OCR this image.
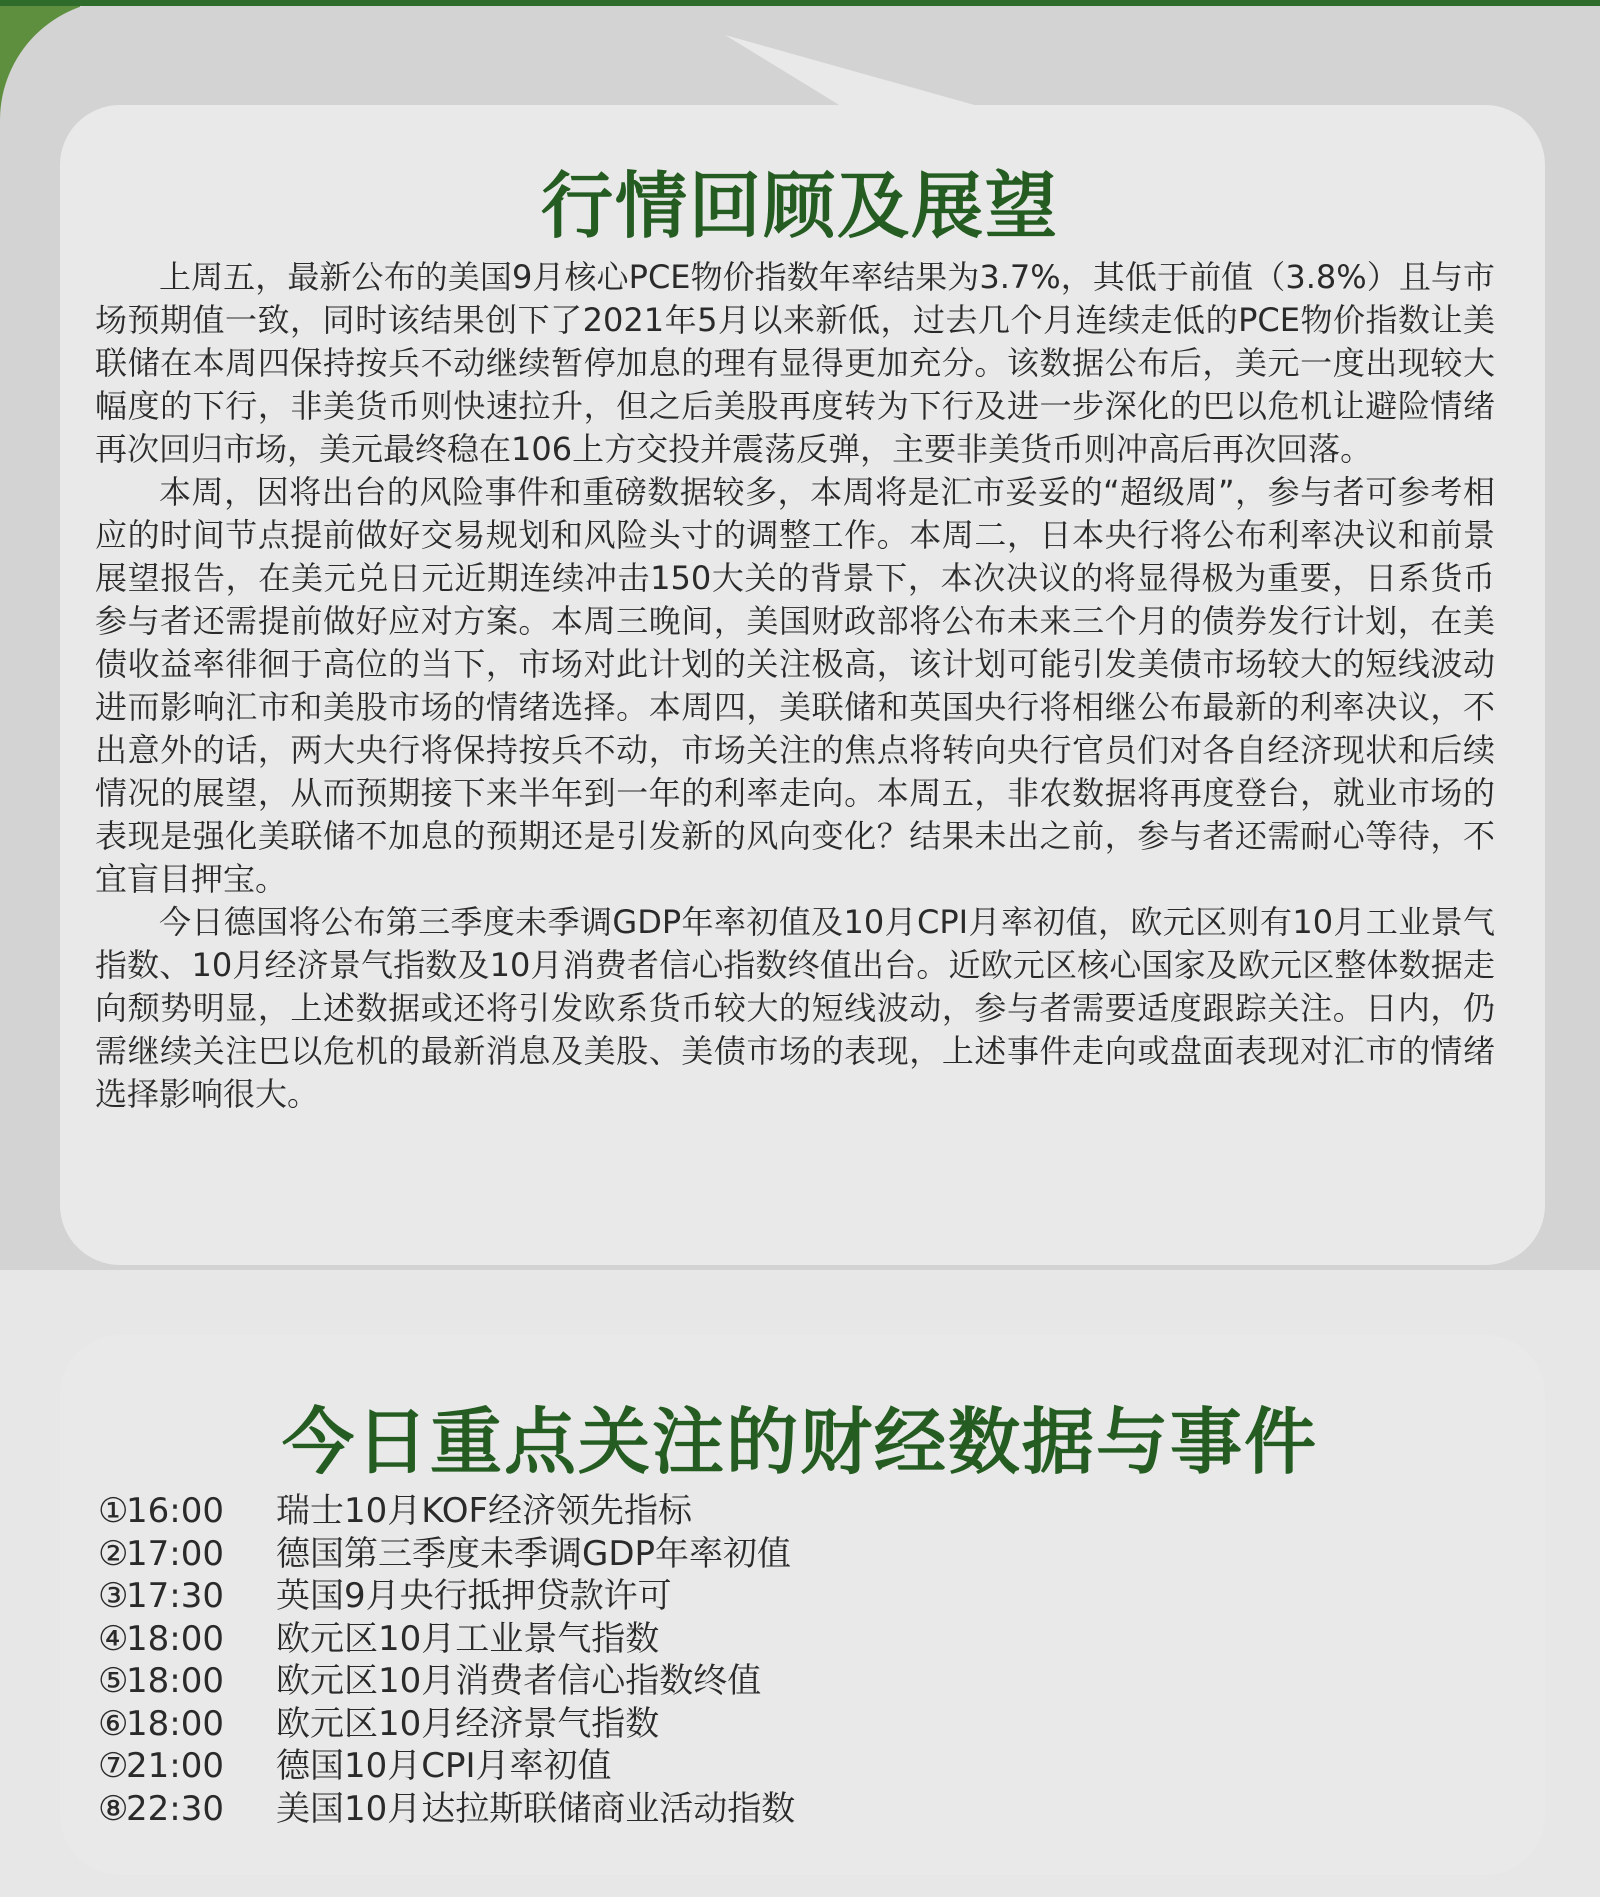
行情回顾及展望

上周五，最新公布的美国9月核心PCE物价指数年率结果为3.7%，其低于前值（3.8%）且与市场预期值一致，同时该结果创下了2021年5月以来新低，过去几个月连续走低的PCE物价指数让美联储在本周四保持按兵不动继续暂停加息的理有显得更加充分。该数据公布后，美元一度出现较大幅度的下行，非美货币则快速拉升，但之后美股再度转为下行及进一步深化的巴以危机让避险情绪再次回归市场，美元最终稳在106上方交投并震荡反弹，主要非美货币则冲高后再次回落。

本周，因将出台的风险事件和重磅数据较多，本周将是汇市妥妥的“超级周”，参与者可参考相应的时间节点提前做好交易规划和风险头寸的调整工作。本周二，日本央行将公布利率决议和前景展望报告，在美元兑日元近期连续冲击150大关的背景下，本次决议的将显得极为重要，日系货币参与者还需提前做好应对方案。本周三晚间，美国财政部将公布未来三个月的债券发行计划，在美债收益率徘徊于高位的当下，市场对此计划的关注极高，该计划可能引发美债市场较大的短线波动进而影响汇市和美股市场的情绪选择。本周四，美联储和英国央行将相继公布最新的利率决议，不出意外的话，两大央行将保持按兵不动，市场关注的焦点将转向央行官员们对各自经济现状和后续情况的展望，从而预期接下来半年到一年的利率走向。本周五，非农数据将再度登台，就业市场的表现是强化美联储不加息的预期还是引发新的风向变化？结果未出之前，参与者还需耐心等待，不宜盲目押宝。

今日德国将公布第三季度未季调GDP年率初值及10月CPI月率初值，欧元区则有10月工业景气指数、10月经济景气指数及10月消费者信心指数终值出台。近欧元区核心国家及欧元区整体数据走向颓势明显，上述数据或还将引发欧系货币较大的短线波动，参与者需要适度跟踪关注。日内，仍需继续关注巴以危机的最新消息及美股、美债市场的表现，上述事件走向或盘面表现对汇市的情绪选择影响很大。

今日重点关注的财经数据与事件
①16:00 瑞士10月KOF经济领先指标
②17:00 德国第三季度未季调GDP年率初值
③17:30 英国9月央行抵押贷款许可
④18:00 欧元区10月工业景气指数
⑤18:00 欧元区10月消费者信心指数终值
⑥18:00 欧元区10月经济景气指数
⑦21:00 德国10月CPI月率初值
⑧22:30 美国10月达拉斯联储商业活动指数
